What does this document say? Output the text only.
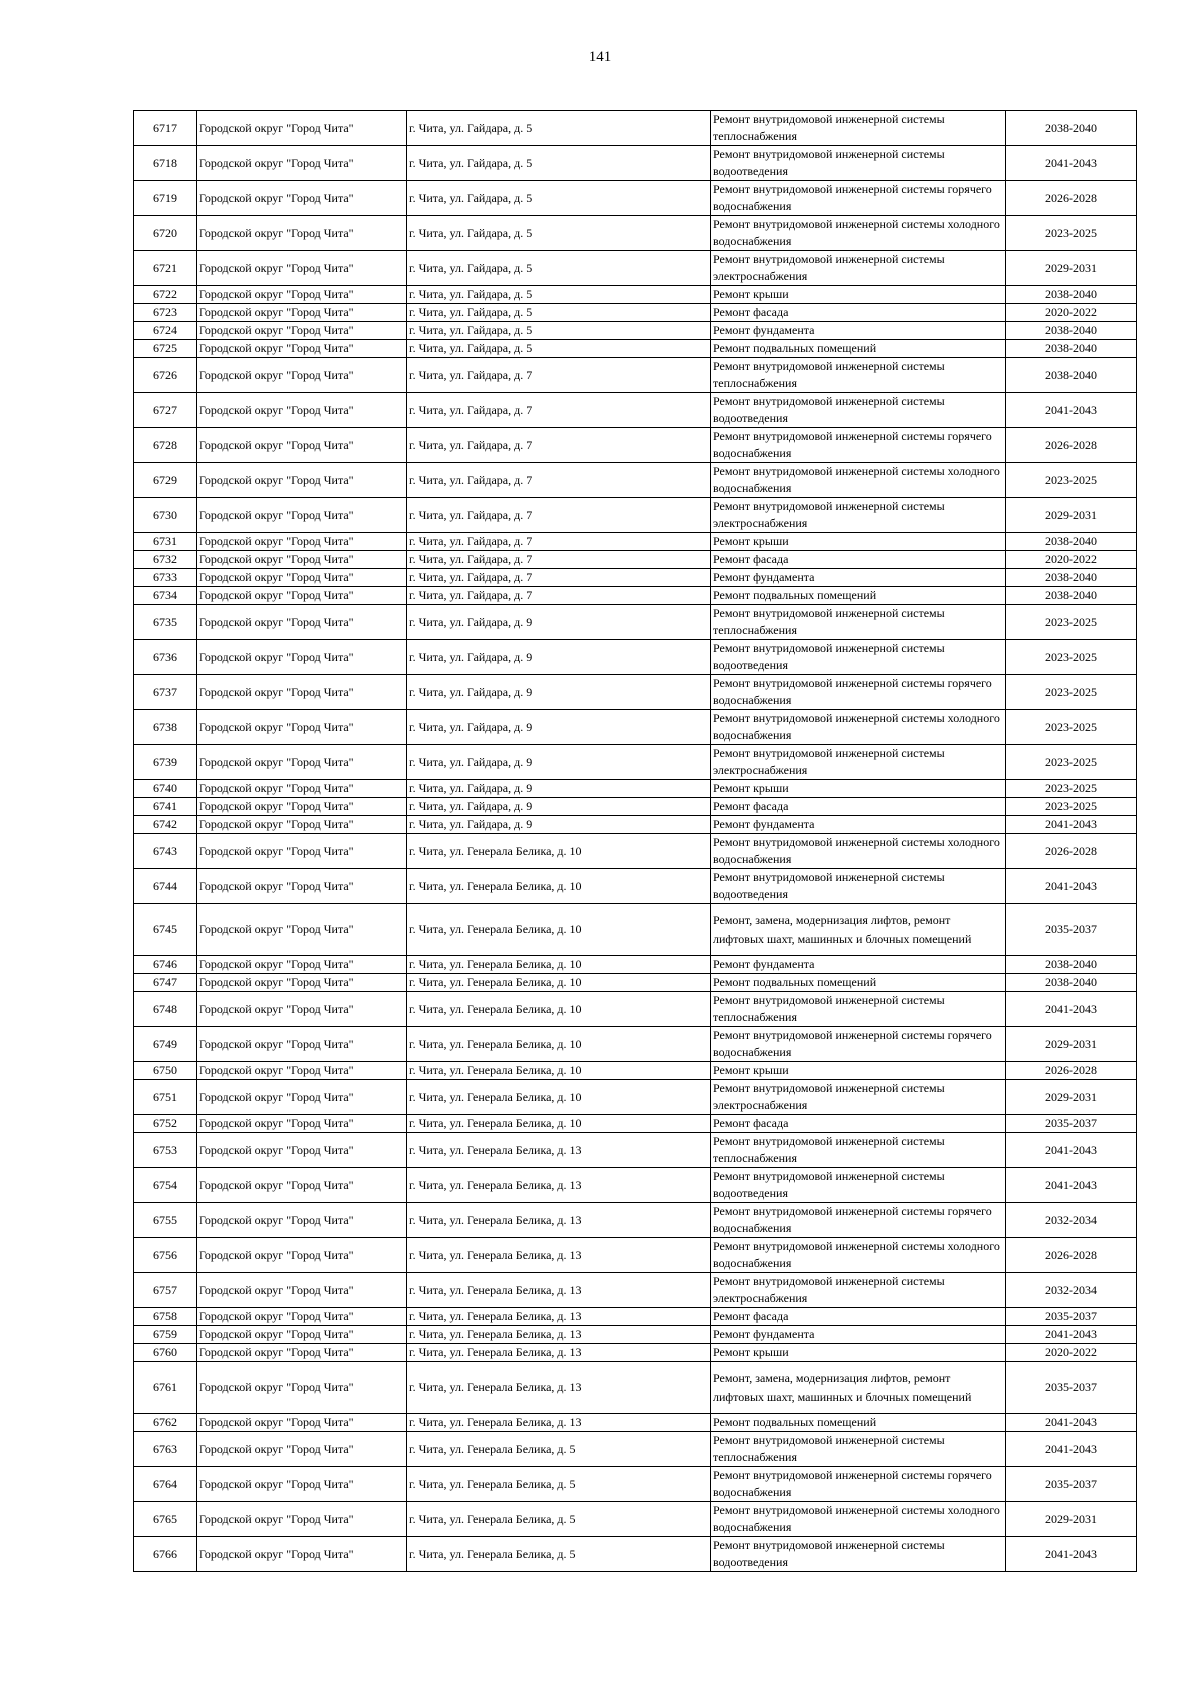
141
6717	Городской округ "Город Чита"	г. Чита, ул. Гайдара, д. 5	Ремонт внутридомовой инженерной системы теплоснабжения	2038-2040
6718	Городской округ "Город Чита"	г. Чита, ул. Гайдара, д. 5	Ремонт внутридомовой инженерной системы водоотведения	2041-2043
6719	Городской округ "Город Чита"	г. Чита, ул. Гайдара, д. 5	Ремонт внутридомовой инженерной системы горячего водоснабжения	2026-2028
6720	Городской округ "Город Чита"	г. Чита, ул. Гайдара, д. 5	Ремонт внутридомовой инженерной системы холодного водоснабжения	2023-2025
6721	Городской округ "Город Чита"	г. Чита, ул. Гайдара, д. 5	Ремонт внутридомовой инженерной системы электроснабжения	2029-2031
6722	Городской округ "Город Чита"	г. Чита, ул. Гайдара, д. 5	Ремонт крыши	2038-2040
6723	Городской округ "Город Чита"	г. Чита, ул. Гайдара, д. 5	Ремонт фасада	2020-2022
6724	Городской округ "Город Чита"	г. Чита, ул. Гайдара, д. 5	Ремонт фундамента	2038-2040
6725	Городской округ "Город Чита"	г. Чита, ул. Гайдара, д. 5	Ремонт подвальных помещений	2038-2040
6726	Городской округ "Город Чита"	г. Чита, ул. Гайдара, д. 7	Ремонт внутридомовой инженерной системы теплоснабжения	2038-2040
6727	Городской округ "Город Чита"	г. Чита, ул. Гайдара, д. 7	Ремонт внутридомовой инженерной системы водоотведения	2041-2043
6728	Городской округ "Город Чита"	г. Чита, ул. Гайдара, д. 7	Ремонт внутридомовой инженерной системы горячего водоснабжения	2026-2028
6729	Городской округ "Город Чита"	г. Чита, ул. Гайдара, д. 7	Ремонт внутридомовой инженерной системы холодного водоснабжения	2023-2025
6730	Городской округ "Город Чита"	г. Чита, ул. Гайдара, д. 7	Ремонт внутридомовой инженерной системы электроснабжения	2029-2031
6731	Городской округ "Город Чита"	г. Чита, ул. Гайдара, д. 7	Ремонт крыши	2038-2040
6732	Городской округ "Город Чита"	г. Чита, ул. Гайдара, д. 7	Ремонт фасада	2020-2022
6733	Городской округ "Город Чита"	г. Чита, ул. Гайдара, д. 7	Ремонт фундамента	2038-2040
6734	Городской округ "Город Чита"	г. Чита, ул. Гайдара, д. 7	Ремонт подвальных помещений	2038-2040
6735	Городской округ "Город Чита"	г. Чита, ул. Гайдара, д. 9	Ремонт внутридомовой инженерной системы теплоснабжения	2023-2025
6736	Городской округ "Город Чита"	г. Чита, ул. Гайдара, д. 9	Ремонт внутридомовой инженерной системы водоотведения	2023-2025
6737	Городской округ "Город Чита"	г. Чита, ул. Гайдара, д. 9	Ремонт внутридомовой инженерной системы горячего водоснабжения	2023-2025
6738	Городской округ "Город Чита"	г. Чита, ул. Гайдара, д. 9	Ремонт внутридомовой инженерной системы холодного водоснабжения	2023-2025
6739	Городской округ "Город Чита"	г. Чита, ул. Гайдара, д. 9	Ремонт внутридомовой инженерной системы электроснабжения	2023-2025
6740	Городской округ "Город Чита"	г. Чита, ул. Гайдара, д. 9	Ремонт крыши	2023-2025
6741	Городской округ "Город Чита"	г. Чита, ул. Гайдара, д. 9	Ремонт фасада	2023-2025
6742	Городской округ "Город Чита"	г. Чита, ул. Гайдара, д. 9	Ремонт фундамента	2041-2043
6743	Городской округ "Город Чита"	г. Чита, ул. Генерала Белика, д. 10	Ремонт внутридомовой инженерной системы холодного водоснабжения	2026-2028
6744	Городской округ "Город Чита"	г. Чита, ул. Генерала Белика, д. 10	Ремонт внутридомовой инженерной системы водоотведения	2041-2043
6745	Городской округ "Город Чита"	г. Чита, ул. Генерала Белика, д. 10	Ремонт, замена, модернизация лифтов, ремонт лифтовых шахт, машинных и блочных помещений	2035-2037
6746	Городской округ "Город Чита"	г. Чита, ул. Генерала Белика, д. 10	Ремонт фундамента	2038-2040
6747	Городской округ "Город Чита"	г. Чита, ул. Генерала Белика, д. 10	Ремонт подвальных помещений	2038-2040
6748	Городской округ "Город Чита"	г. Чита, ул. Генерала Белика, д. 10	Ремонт внутридомовой инженерной системы теплоснабжения	2041-2043
6749	Городской округ "Город Чита"	г. Чита, ул. Генерала Белика, д. 10	Ремонт внутридомовой инженерной системы горячего водоснабжения	2029-2031
6750	Городской округ "Город Чита"	г. Чита, ул. Генерала Белика, д. 10	Ремонт крыши	2026-2028
6751	Городской округ "Город Чита"	г. Чита, ул. Генерала Белика, д. 10	Ремонт внутридомовой инженерной системы электроснабжения	2029-2031
6752	Городской округ "Город Чита"	г. Чита, ул. Генерала Белика, д. 10	Ремонт фасада	2035-2037
6753	Городской округ "Город Чита"	г. Чита, ул. Генерала Белика, д. 13	Ремонт внутридомовой инженерной системы теплоснабжения	2041-2043
6754	Городской округ "Город Чита"	г. Чита, ул. Генерала Белика, д. 13	Ремонт внутридомовой инженерной системы водоотведения	2041-2043
6755	Городской округ "Город Чита"	г. Чита, ул. Генерала Белика, д. 13	Ремонт внутридомовой инженерной системы горячего водоснабжения	2032-2034
6756	Городской округ "Город Чита"	г. Чита, ул. Генерала Белика, д. 13	Ремонт внутридомовой инженерной системы холодного водоснабжения	2026-2028
6757	Городской округ "Город Чита"	г. Чита, ул. Генерала Белика, д. 13	Ремонт внутридомовой инженерной системы электроснабжения	2032-2034
6758	Городской округ "Город Чита"	г. Чита, ул. Генерала Белика, д. 13	Ремонт фасада	2035-2037
6759	Городской округ "Город Чита"	г. Чита, ул. Генерала Белика, д. 13	Ремонт фундамента	2041-2043
6760	Городской округ "Город Чита"	г. Чита, ул. Генерала Белика, д. 13	Ремонт крыши	2020-2022
6761	Городской округ "Город Чита"	г. Чита, ул. Генерала Белика, д. 13	Ремонт, замена, модернизация лифтов, ремонт лифтовых шахт, машинных и блочных помещений	2035-2037
6762	Городской округ "Город Чита"	г. Чита, ул. Генерала Белика, д. 13	Ремонт подвальных помещений	2041-2043
6763	Городской округ "Город Чита"	г. Чита, ул. Генерала Белика, д. 5	Ремонт внутридомовой инженерной системы теплоснабжения	2041-2043
6764	Городской округ "Город Чита"	г. Чита, ул. Генерала Белика, д. 5	Ремонт внутридомовой инженерной системы горячего водоснабжения	2035-2037
6765	Городской округ "Город Чита"	г. Чита, ул. Генерала Белика, д. 5	Ремонт внутридомовой инженерной системы холодного водоснабжения	2029-2031
6766	Городской округ "Город Чита"	г. Чита, ул. Генерала Белика, д. 5	Ремонт внутридомовой инженерной системы водоотведения	2041-2043
